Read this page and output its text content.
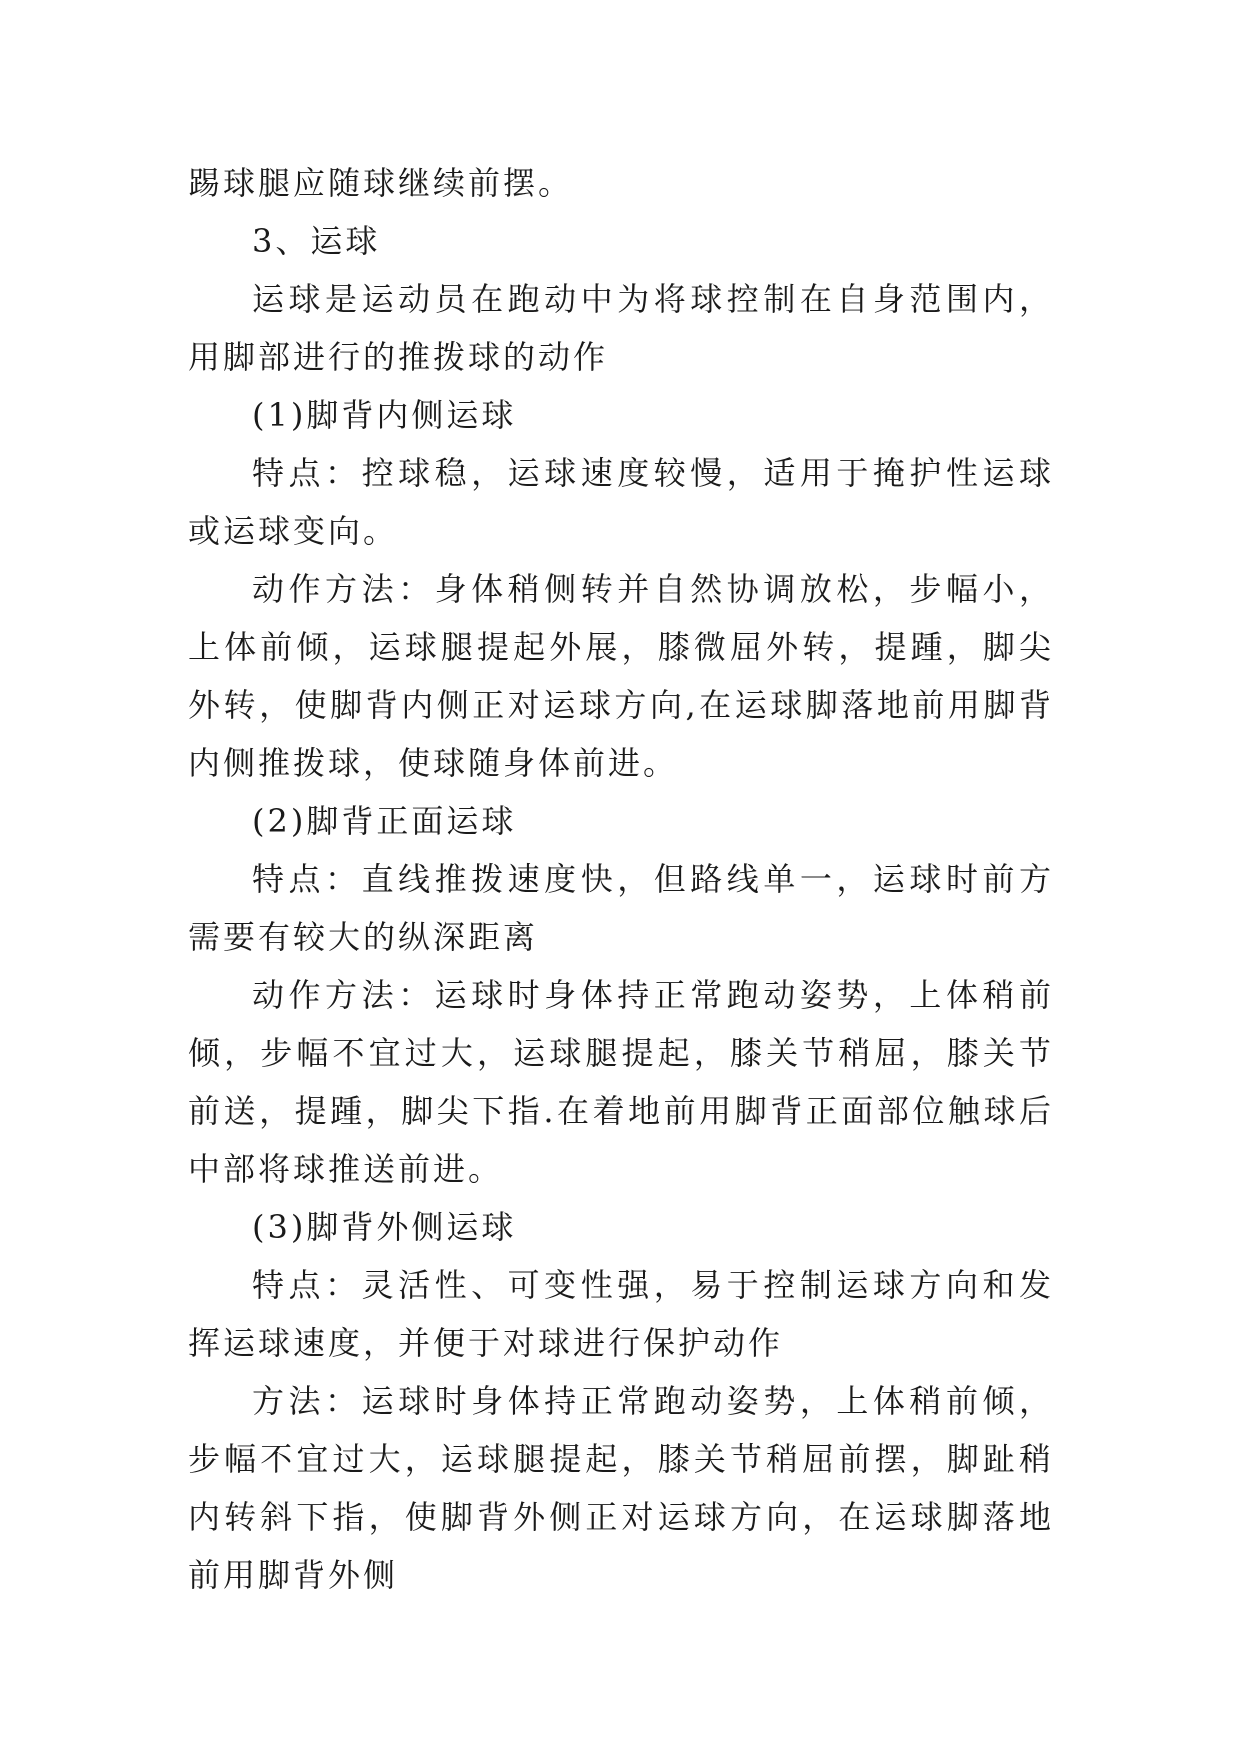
踢球腿应随球继续前摆。

3、运球

运球是运动员在跑动中为将球控制在自身范围内，用脚部进行的推拨球的动作

(1)脚背内侧运球

特点：控球稳，运球速度较慢，适用于掩护性运球或运球变向。

动作方法：身体稍侧转并自然协调放松，步幅小，上体前倾，运球腿提起外展，膝微屈外转，提踵，脚尖外转，使脚背内侧正对运球方向,在运球脚落地前用脚背内侧推拨球，使球随身体前进。

(2)脚背正面运球

特点：直线推拨速度快，但路线单一，运球时前方需要有较大的纵深距离

动作方法：运球时身体持正常跑动姿势，上体稍前倾，步幅不宜过大，运球腿提起，膝关节稍屈，膝关节前送，提踵，脚尖下指.在着地前用脚背正面部位触球后中部将球推送前进。

(3)脚背外侧运球

特点：灵活性、可变性强，易于控制运球方向和发挥运球速度，并便于对球进行保护动作

方法：运球时身体持正常跑动姿势，上体稍前倾，步幅不宜过大，运球腿提起，膝关节稍屈前摆，脚趾稍内转斜下指，使脚背外侧正对运球方向，在运球脚落地前用脚背外侧
